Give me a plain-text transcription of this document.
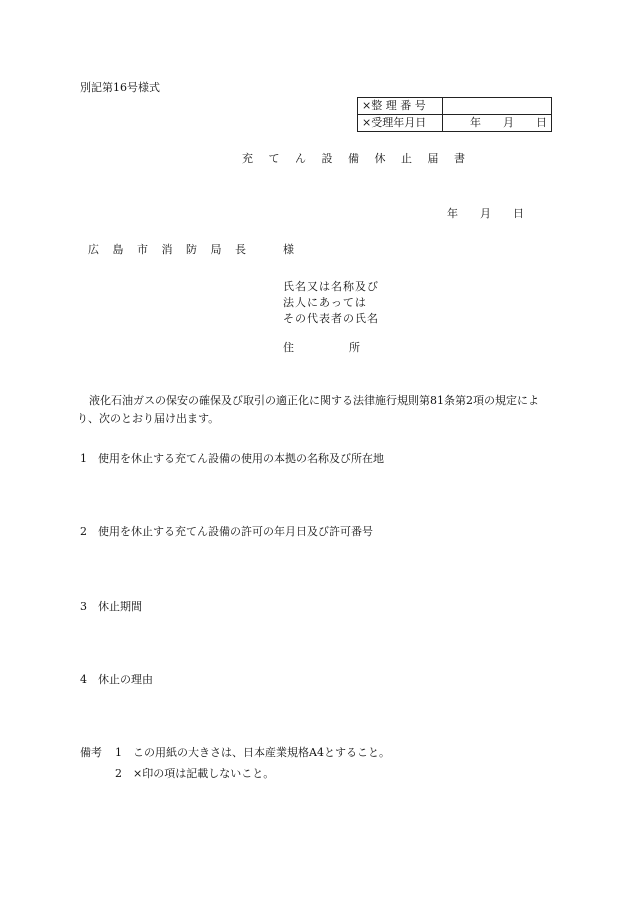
別記第16号様式
×整 理 番 号	
×受理年月日	年　　月　　日
充 て ん 設 備 休 止 届 書
年　　月　　日
広 島 市 消 防 局 長　　様
氏名又は名称及び
法人にあっては
その代表者の氏名
住　　　　　所
液化石油ガスの保安の確保及び取引の適正化に関する法律施行規則第81条第2項の規定により、次のとおり届け出ます。
1　使用を休止する充てん設備の使用の本拠の名称及び所在地
2　使用を休止する充てん設備の許可の年月日及び許可番号
3　休止期間
4　休止の理由
備考 1　この用紙の大きさは、日本産業規格A4とすること。
2　×印の項は記載しないこと。
